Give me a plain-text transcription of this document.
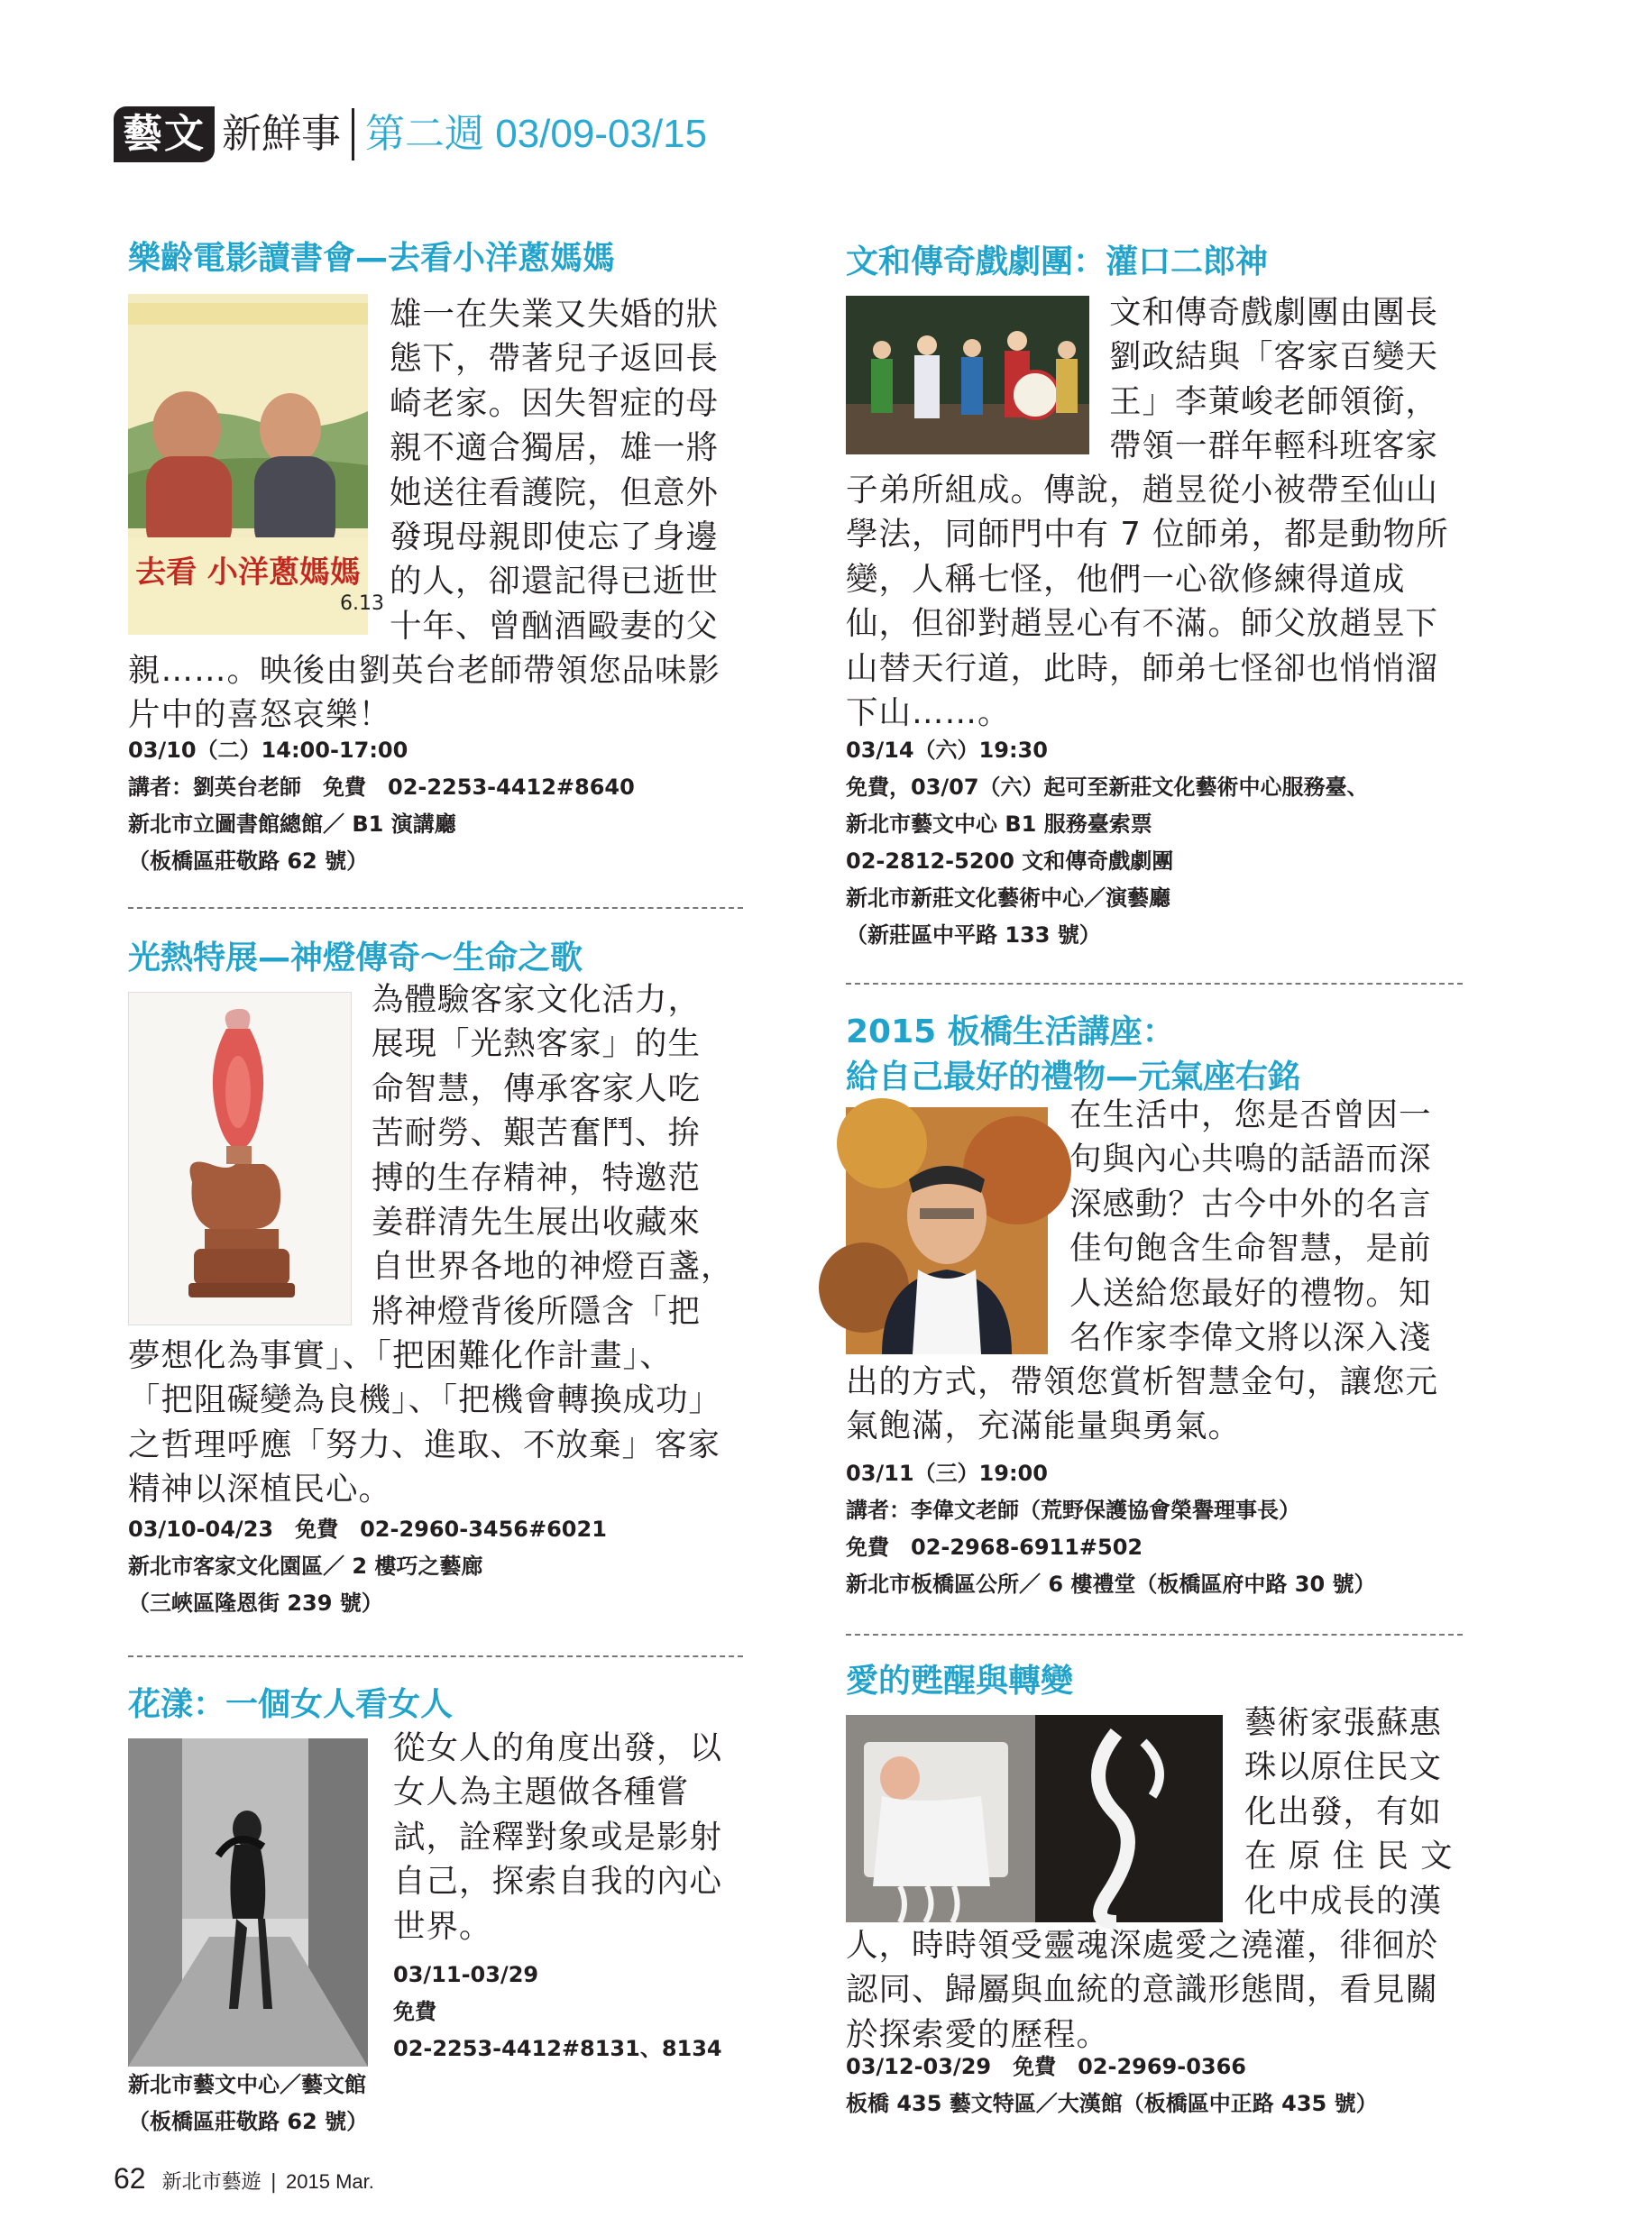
藝文 新鮮事 第二週 03/09-03/15
樂齡電影讀書會—去看小洋蔥媽媽
去看 小洋蔥媽媽
6.13
雄一在失業又失婚的狀
態下，帶著兒子返回長
崎老家。因失智症的母
親不適合獨居，雄一將
她送往看護院，但意外
發現母親即使忘了身邊
的人，卻還記得已逝世
十年、曾酗酒毆妻的父
親……。映後由劉英台老師帶領您品味影
片中的喜怒哀樂！
03/10（二）14:00-17:00
講者：劉英台老師　免費　02-2253-4412#8640
新北市立圖書館總館／ B1 演講廳
（板橋區莊敬路 62 號）
光熱特展—神燈傳奇～生命之歌
為體驗客家文化活力，
展現「光熱客家」的生
命智慧，傳承客家人吃
苦耐勞、艱苦奮鬥、拚
搏的生存精神，特邀范
姜群清先生展出收藏來
自世界各地的神燈百盞，
將神燈背後所隱含「把
夢想化為事實」、「把困難化作計畫」、
「把阻礙變為良機」、「把機會轉換成功」
之哲理呼應「努力、進取、不放棄」客家
精神以深植民心。
03/10-04/23　免費　02-2960-3456#6021
新北市客家文化園區／ 2 樓巧之藝廊
（三峽區隆恩街 239 號）
花漾：一個女人看女人
從女人的角度出發，以
女人為主題做各種嘗
試，詮釋對象或是影射
自己，探索自我的內心
世界。
03/11-03/29
免費
02-2253-4412#8131、8134
新北市藝文中心／藝文館
（板橋區莊敬路 62 號）
文和傳奇戲劇團：灌口二郎神
文和傳奇戲劇團由團長
劉政結與「客家百變天
王」李菄峻老師領銜，
帶領一群年輕科班客家
子弟所組成。傳說，趙昱從小被帶至仙山
學法，同師門中有 7 位師弟，都是動物所
變，人稱七怪，他們一心欲修練得道成
仙，但卻對趙昱心有不滿。師父放趙昱下
山替天行道，此時，師弟七怪卻也悄悄溜
下山……。
03/14（六）19:30
免費，03/07（六）起可至新莊文化藝術中心服務臺、
新北市藝文中心 B1 服務臺索票
02-2812-5200 文和傳奇戲劇團
新北市新莊文化藝術中心／演藝廳
（新莊區中平路 133 號）
2015 板橋生活講座：
給自己最好的禮物—元氣座右銘
在生活中，您是否曾因一
句與內心共鳴的話語而深
深感動？古今中外的名言
佳句飽含生命智慧，是前
人送給您最好的禮物。知
名作家李偉文將以深入淺
出的方式，帶領您賞析智慧金句，讓您元
氣飽滿，充滿能量與勇氣。
03/11（三）19:00
講者：李偉文老師（荒野保護協會榮譽理事長）
免費　02-2968-6911#502
新北市板橋區公所／ 6 樓禮堂（板橋區府中路 30 號）
愛的甦醒與轉變
藝術家張蘇惠
珠以原住民文
化出發，有如
在 原 住 民 文
化中成長的漢
人，時時領受靈魂深處愛之澆灌，徘徊於
認同、歸屬與血統的意識形態間，看見關
於探索愛的歷程。
03/12-03/29　免費　02-2969-0366
板橋 435 藝文特區／大漢館（板橋區中正路 435 號）
62 新北市藝遊 | 2015 Mar.
